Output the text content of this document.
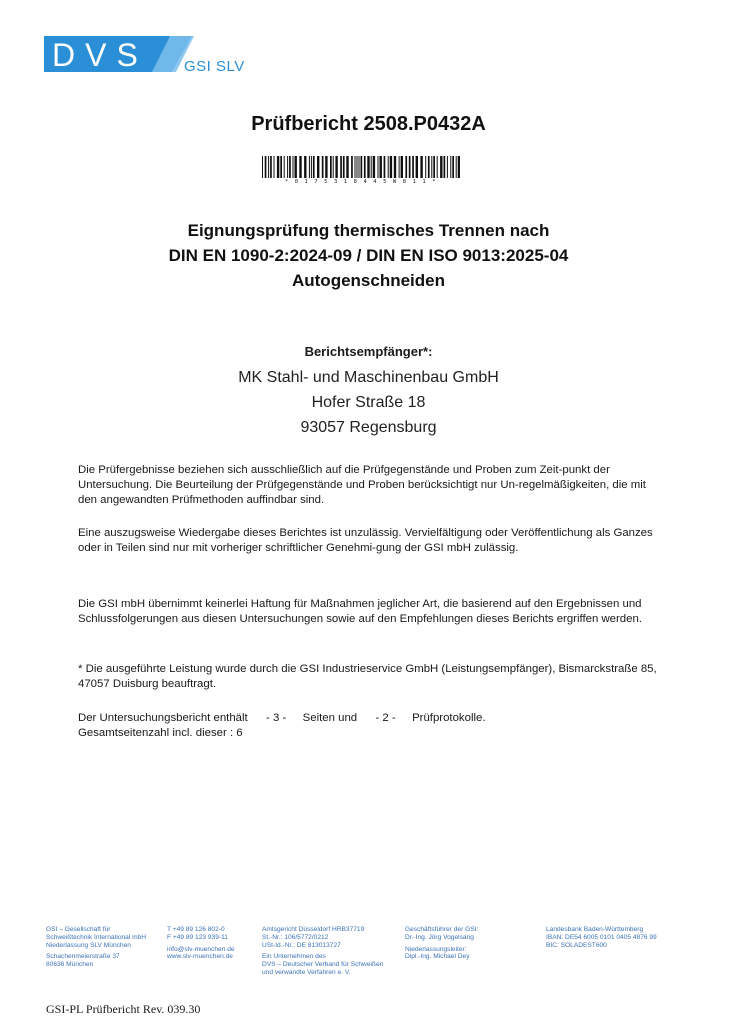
DVS GSI SLV
Prüfbericht 2508.P0432A
* 0 1 7 5 3 1 8 4 4 5 W 8 1 1 *
Eignungsprüfung thermisches Trennen nach
DIN EN 1090-2:2024-09 / DIN EN ISO 9013:2025-04
Autogenschneiden
Berichtsempfänger*:
MK Stahl- und Maschinenbau GmbH
Hofer Straße 18
93057 Regensburg
Die Prüfergebnisse beziehen sich ausschließlich auf die Prüfgegenstände und Proben zum Zeit-punkt der Untersuchung. Die Beurteilung der Prüfgegenstände und Proben berücksichtigt nur Un-regelmäßigkeiten, die mit den angewandten Prüfmethoden auffindbar sind.
Eine auszugsweise Wiedergabe dieses Berichtes ist unzulässig. Vervielfältigung oder Veröffentlichung als Ganzes oder in Teilen sind nur mit vorheriger schriftlicher Genehmi-gung der GSI mbH zulässig.
Die GSI mbH übernimmt keinerlei Haftung für Maßnahmen jeglicher Art, die basierend auf den Ergebnissen und Schlussfolgerungen aus diesen Untersuchungen sowie auf den Empfehlungen dieses Berichts ergriffen werden.
* Die ausgeführte Leistung wurde durch die GSI Industrieservice GmbH (Leistungsempfänger), Bismarckstraße 85, 47057 Duisburg beauftragt.
Der Untersuchungsbericht enthält - 3 - Seiten und - 2 - Prüfprotokolle.
Gesamtseitenzahl incl. dieser : 6
GSI – Gesellschaft für
Schweißtechnik International mbH
Niederlassung SLV München
Schachenmeierstraße 37
80636 München
T +49 89 126 802-0
F +49 89 123 939-11
info@slv-muenchen.de
www.slv-muenchen.de
Amtsgericht Düsseldorf HRB37719
St.-Nr.: 106/5772/0212
USt-Id.-Nr.: DE 813013727
Ein Unternehmen des
DVS – Deutscher Verband für Schweißen
und verwandte Verfahren e. V.
Geschäftsführer der GSI:
Dr.-Ing. Jörg Vogelsang
Niederlassungsleiter:
Dipl.-Ing. Michael Dey
Landesbank Baden-Württemberg
IBAN: DE54 6005 0101 0405 4876 99
BIC: SOLADEST600
GSI-PL Prüfbericht Rev. 039.30
